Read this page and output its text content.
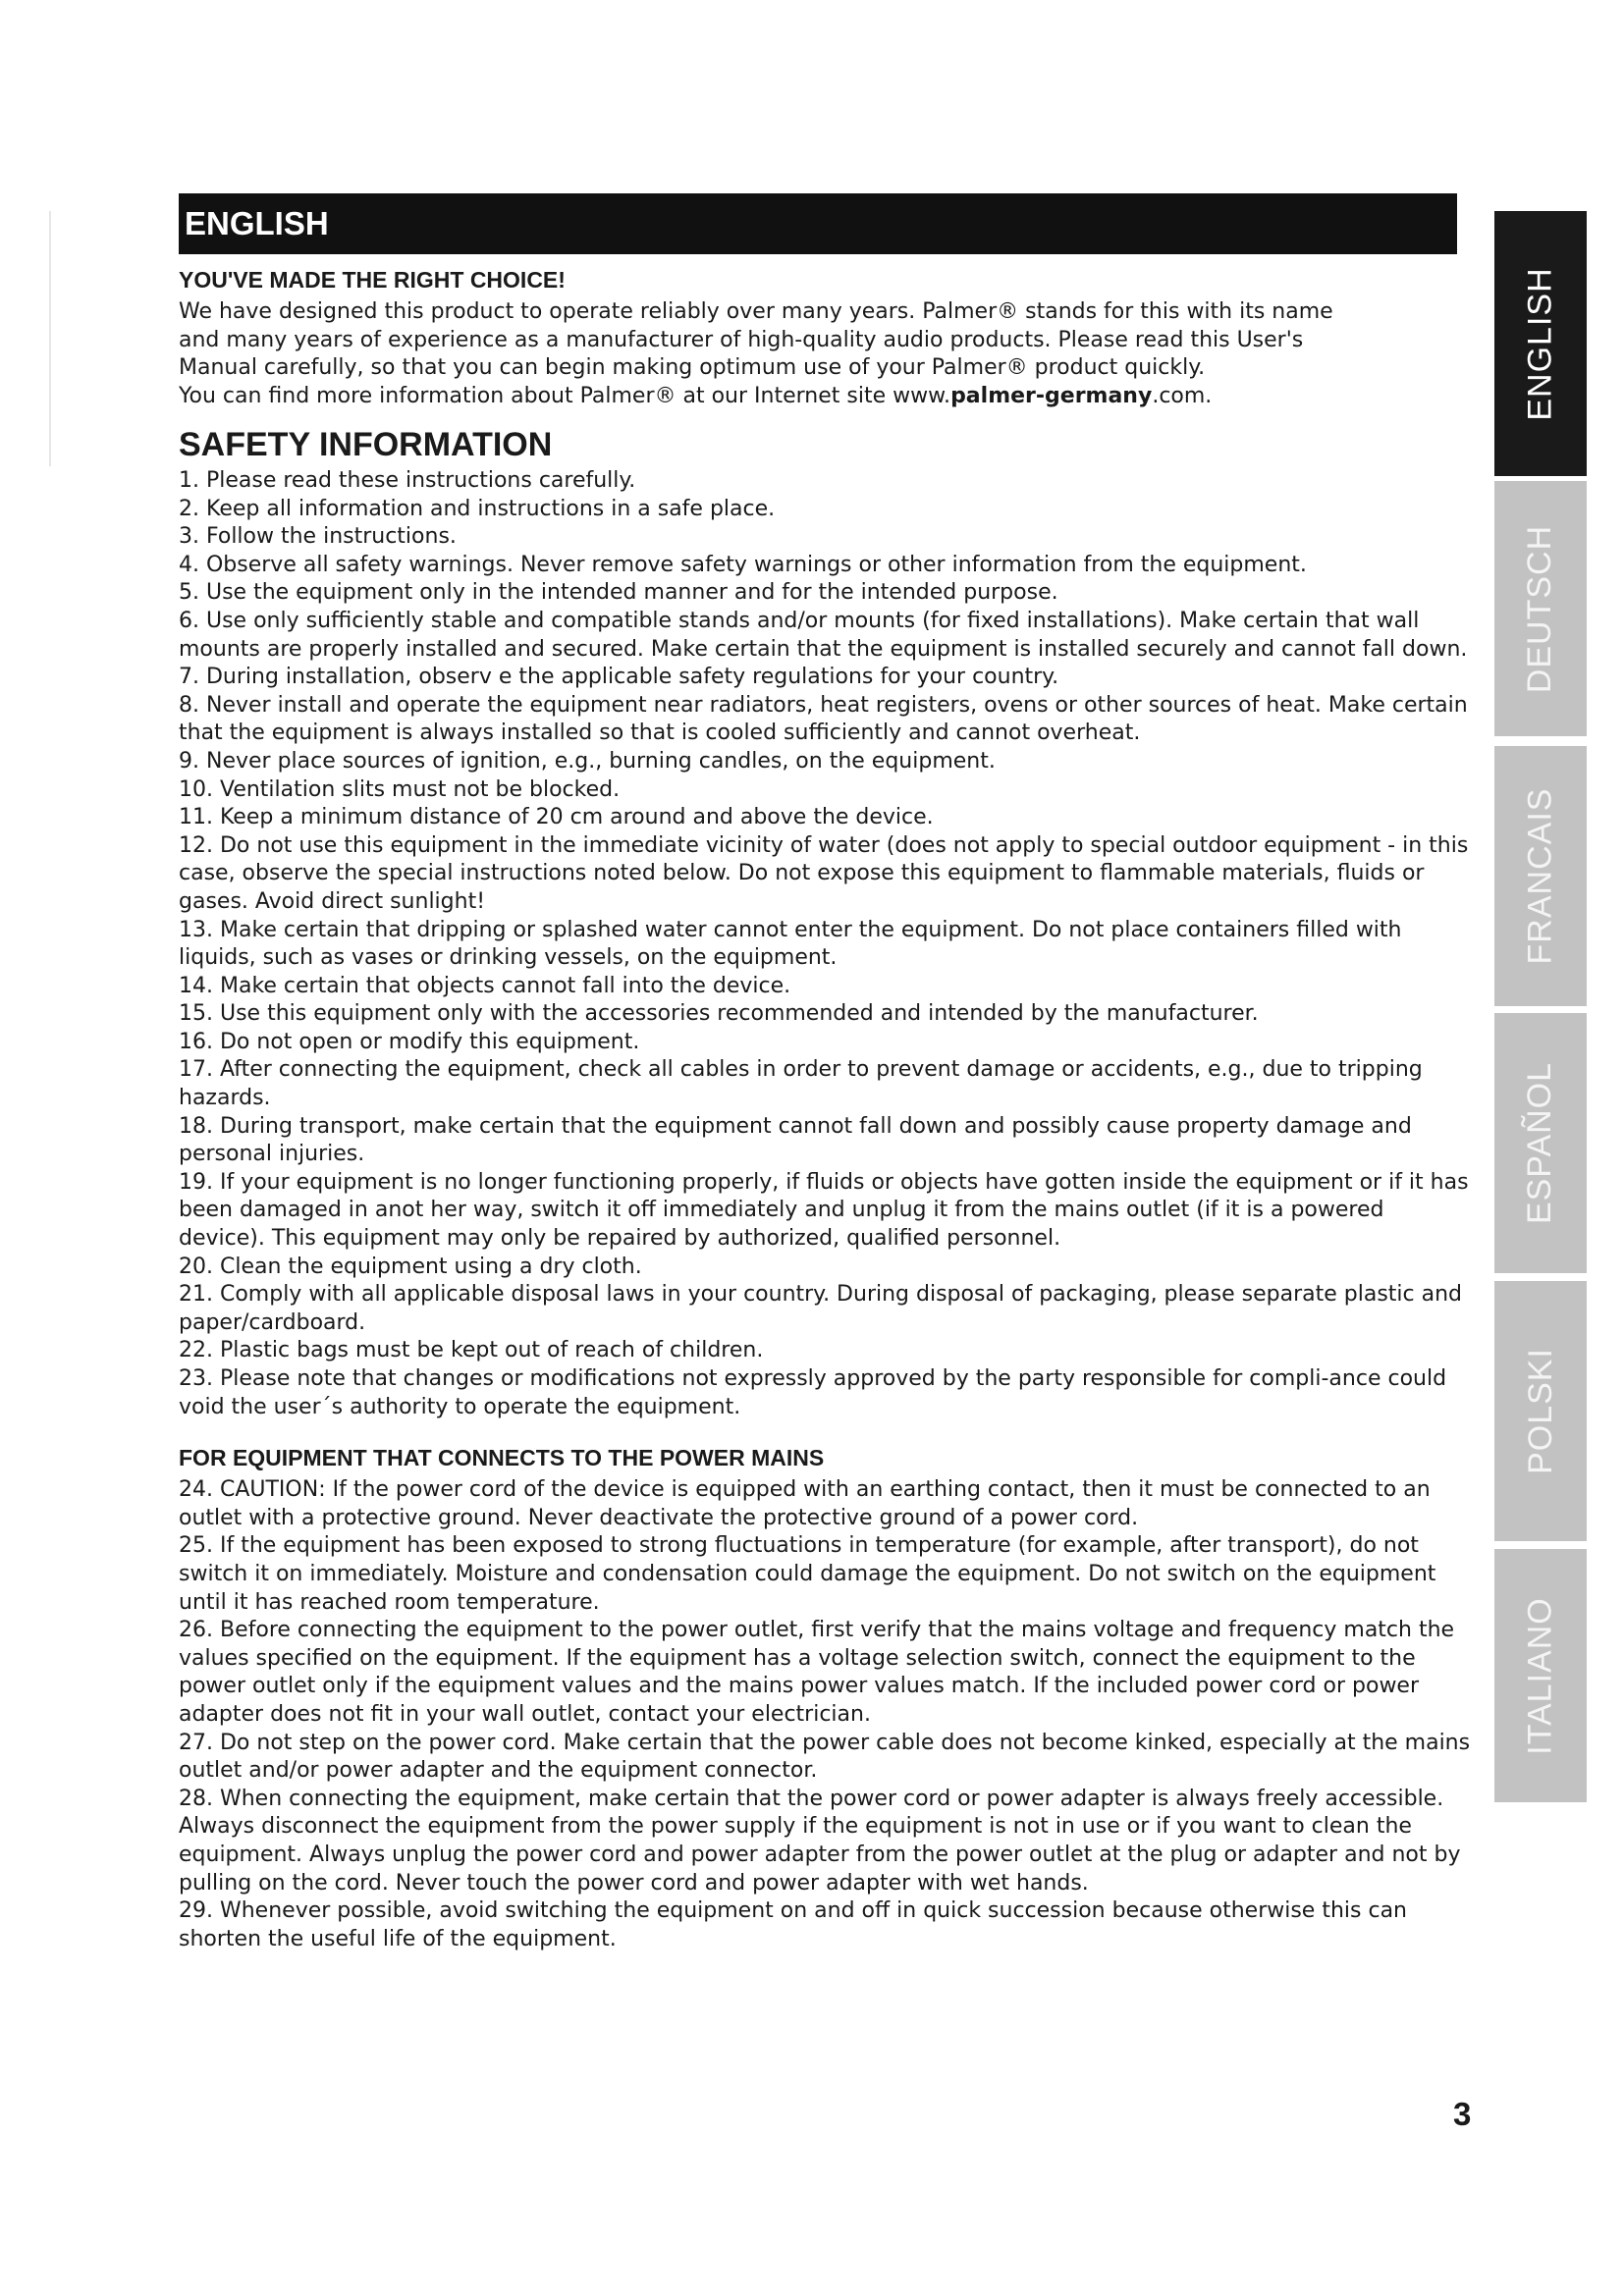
ENGLISH
YOU'VE MADE THE RIGHT CHOICE!

We have designed this product to operate reliably over many years. Palmer® stands for this with its name

and many years of experience as a manufacturer of high-quality audio products. Please read this User's

Manual carefully, so that you can begin making optimum use of your Palmer® product quickly.

You can find more information about Palmer® at our Internet site www.palmer-germany.com.

SAFETY INFORMATION
1. Please read these instructions carefully.
2. Keep all information and instructions in a safe place.
3. Follow the instructions.
4. Observe all safety warnings. Never remove safety warnings or other information from the equipment.
5. Use the equipment only in the intended manner and for the intended purpose.
6. Use only sufficiently stable and compatible stands and/or mounts (for fixed installations). Make certain that wall mounts are properly installed and secured. Make certain that the equipment is installed securely and cannot fall down.
7. During installation, observ e the applicable safety regulations for your country.
8. Never install and operate the equipment near radiators, heat registers, ovens or other sources of heat. Make certain that the equipment is always installed so that is cooled sufficiently and cannot overheat.
9. Never place sources of ignition, e.g., burning candles, on the equipment.
10. Ventilation slits must not be blocked.
11. Keep a minimum distance of 20 cm around and above the device.
12. Do not use this equipment in the immediate vicinity of water (does not apply to special outdoor equipment - in this case, observe the special instructions noted below. Do not expose this equipment to flammable materials, fluids or gases. Avoid direct sunlight!
13. Make certain that dripping or splashed water cannot enter the equipment. Do not place containers filled with liquids, such as vases or drinking vessels, on the equipment.
14. Make certain that objects cannot fall into the device.
15. Use this equipment only with the accessories recommended and intended by the manufacturer.
16. Do not open or modify this equipment.
17. After connecting the equipment, check all cables in order to prevent damage or accidents, e.g., due to tripping hazards.
18. During transport, make certain that the equipment cannot fall down and possibly cause property damage and personal injuries.
19. If your equipment is no longer functioning properly, if fluids or objects have gotten inside the equipment or if it has been damaged in anot her way, switch it off immediately and unplug it from the mains outlet (if it is a powered device). This equipment may only be repaired by authorized, qualified personnel.
20. Clean the equipment using a dry cloth.
21. Comply with all applicable disposal laws in your country. During disposal of packaging, please separate plastic and paper/cardboard.
22. Plastic bags must be kept out of reach of children.
23. Please note that changes or modifications not expressly approved by the party responsible for compli-ance could void the user´s authority to operate the equipment.
FOR EQUIPMENT THAT CONNECTS TO THE POWER MAINS
24. CAUTION: If the power cord of the device is equipped with an earthing contact, then it must be connected to an outlet with a protective ground. Never deactivate the protective ground of a power cord.
25. If the equipment has been exposed to strong fluctuations in temperature (for example, after transport), do not switch it on immediately. Moisture and condensation could damage the equipment. Do not switch on the equipment until it has reached room temperature.
26. Before connecting the equipment to the power outlet, first verify that the mains voltage and frequency match the values specified on the equipment. If the equipment has a voltage selection switch, connect the equipment to the power outlet only if the equipment values and the mains power values match. If the included power cord or power adapter does not fit in your wall outlet, contact your electrician.
27. Do not step on the power cord. Make certain that the power cable does not become kinked, especially at the mains outlet and/or power adapter and the equipment connector.
28. When connecting the equipment, make certain that the power cord or power adapter is always freely accessible. Always disconnect the equipment from the power supply if the equipment is not in use or if you want to clean the equipment. Always unplug the power cord and power adapter from the power outlet at the plug or adapter and not by pulling on the cord. Never touch the power cord and power adapter with wet hands.
29. Whenever possible, avoid switching the equipment on and off in quick succession because otherwise this can shorten the useful life of the equipment.
3
ENGLISH
DEUTSCH
FRANCAIS
ESPAÑOL
POLSKI
ITALIANO
